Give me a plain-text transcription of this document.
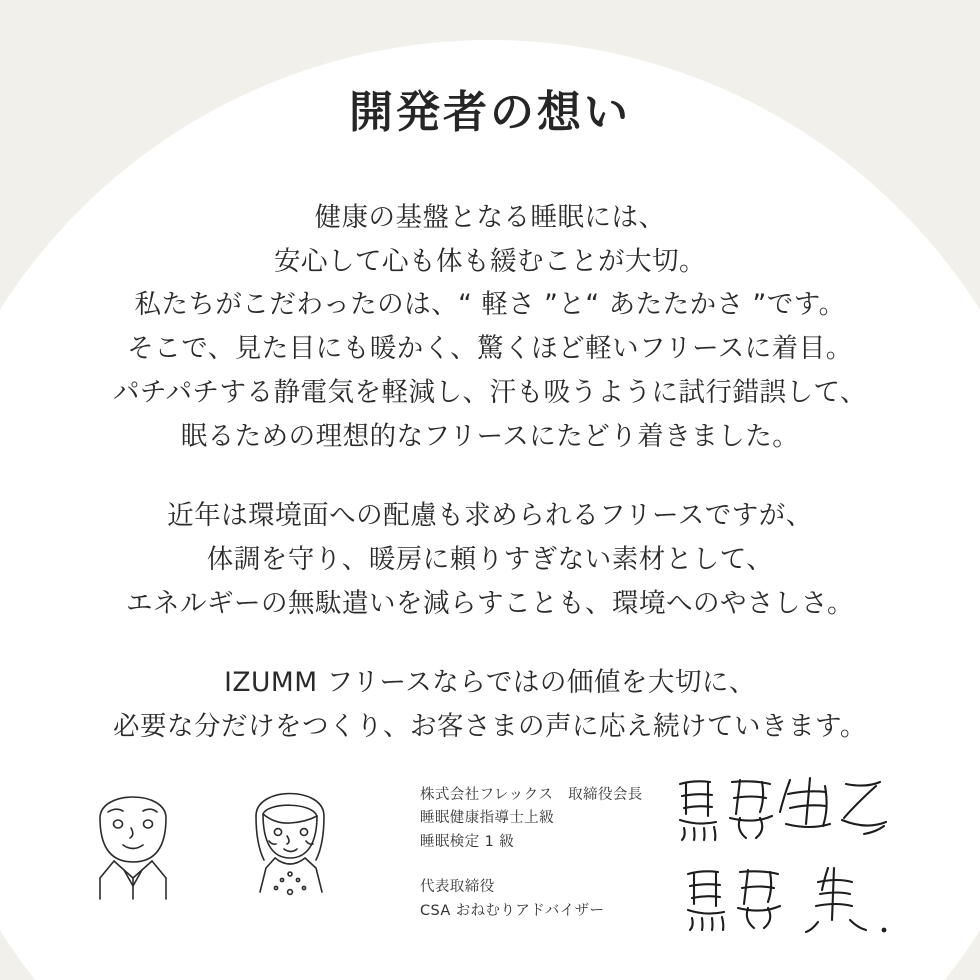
開発者の想い
健康の基盤となる睡眠には、
安心して心も体も緩むことが大切。
私たちがこだわったのは、“ 軽さ ”と“ あたたかさ ”です。
そこで、見た目にも暖かく、驚くほど軽いフリースに着目。
パチパチする静電気を軽減し、汗も吸うように試行錯誤して、
眠るための理想的なフリースにたどり着きました。
近年は環境面への配慮も求められるフリースですが、
体調を守り、暖房に頼りすぎない素材として、
エネルギーの無駄遣いを減らすことも、環境へのやさしさ。
IZUMM フリースならではの価値を大切に、
必要な分だけをつくり、お客さまの声に応え続けていきます。
株式会社フレックス　取締役会長
睡眠健康指導士上級
睡眠検定 1 級
代表取締役
CSA おねむりアドバイザー
